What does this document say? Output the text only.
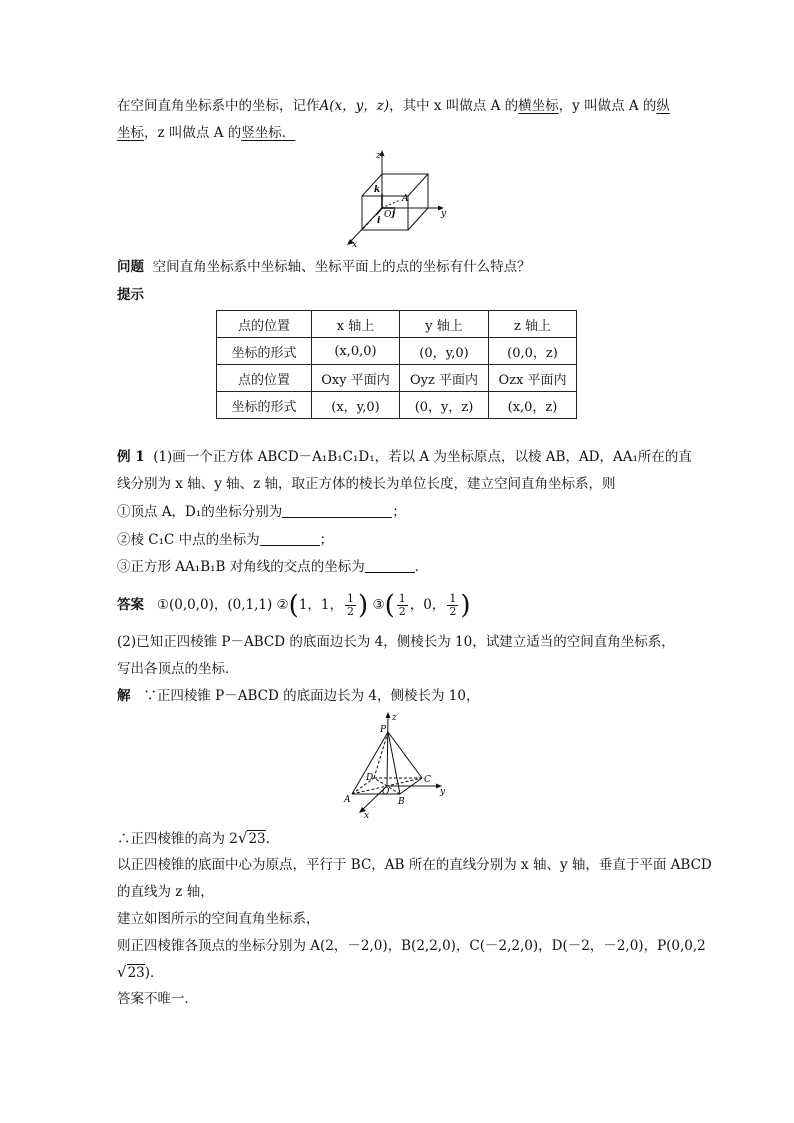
在空间直角坐标系中的坐标，记作A(x，y，z)，其中 x 叫做点 A 的横坐标，y 叫做点 A 的纵
坐标，z 叫做点 A 的竖坐标．
z
k
A
O j
i
y
x
问题 空间直角坐标系中坐标轴、坐标平面上的点的坐标有什么特点？
提示
点的位置	x 轴上	y 轴上	z 轴上
坐标的形式	(x,0,0)	(0，y,0)	(0,0，z)
点的位置	Oxy 平面内	Oyz 平面内	Ozx 平面内
坐标的形式	(x，y,0)	(0，y，z)	(x,0，z)
例 1 (1)画一个正方体 ABCD－A₁B₁C₁D₁，若以 A 为坐标原点，以棱 AB，AD，AA₁所在的直
线分别为 x 轴、y 轴、z 轴，取正方体的棱长为单位长度，建立空间直角坐标系，则
①顶点 A，D₁的坐标分别为	；
②棱 C₁C 中点的坐标为	；
③正方形 AA₁B₁B 对角线的交点的坐标为	．
答案 ①(0,0,0)，(0,1,1) ②(1，1， $\frac{1}{2}$ ) ③( $\frac{1}{2}$ ，0， $\frac{1}{2}$ )
(2)已知正四棱锥 P－ABCD 的底面边长为 4，侧棱长为 10，试建立适当的空间直角坐标系，
写出各顶点的坐标．
解 ∵正四棱锥 P－ABCD 的底面边长为 4，侧棱长为 10，
z
P
D	C
O
A	B
y
x
∴正四棱锥的高为 2√23.
以正四棱锥的底面中心为原点，平行于 BC，AB 所在的直线分别为 x 轴、y 轴，垂直于平面 ABCD
的直线为 z 轴，
建立如图所示的空间直角坐标系，
则正四棱锥各顶点的坐标分别为 A(2，－2,0)，B(2,2,0)，C(－2,2,0)，D(－2，－2,0)，P(0,0,2
√23)．
答案不唯一．
